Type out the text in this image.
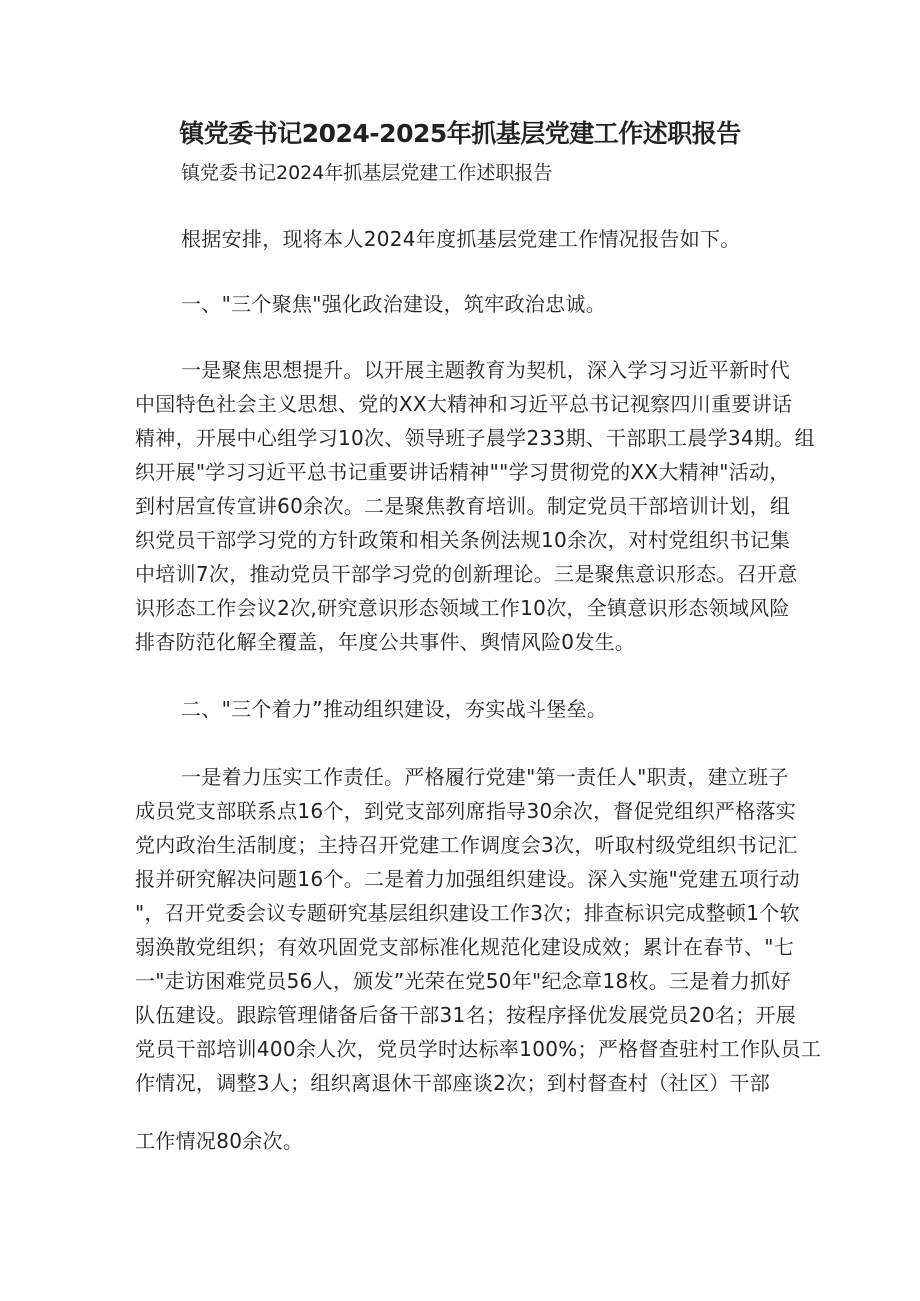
镇党委书记2024-2025年抓基层党建工作述职报告
镇党委书记2024年抓基层党建工作述职报告
根据安排，现将本人2024年度抓基层党建工作情况报告如下。
一、"三个聚焦"强化政治建设，筑牢政治忠诚。
一是聚焦思想提升。以开展主题教育为契机，深入学习习近平新时代
中国特色社会主义思想、党的XX大精神和习近平总书记视察四川重要讲话
精神，开展中心组学习10次、领导班子晨学233期、干部职工晨学34期。组
织开展"学习习近平总书记重要讲话精神""学习贯彻党的XX大精神"活动，
到村居宣传宣讲60余次。二是聚焦教育培训。制定党员干部培训计划，组
织党员干部学习党的方针政策和相关条例法规10余次，对村党组织书记集
中培训7次，推动党员干部学习党的创新理论。三是聚焦意识形态。召开意
识形态工作会议2次,研究意识形态领域工作10次，全镇意识形态领域风险
排杳防范化解全覆盖，年度公共事件、舆情风险0发生。
二、"三个着力”推动组织建设，夯实战斗堡垒。
一是着力压实工作责任。严格履行党建"第一责任人"职责，建立班子
成员党支部联系点16个，到党支部列席指导30余次，督促党组织严格落实
党内政治生活制度；主持召开党建工作调度会3次，听取村级党组织书记汇
报并研究解决问题16个。二是着力加强组织建设。深入实施"党建五项行动
"，召开党委会议专题研究基层组织建设工作3次；排查标识完成整顿1个软
弱涣散党组织；有效巩固党支部标准化规范化建设成效；累计在春节、"七
一"走访困难党员56人，颁发”光荣在党50年"纪念章18枚。三是着力抓好
队伍建设。跟踪管理储备后备干部31名；按程序择优发展党员20名；开展
党员干部培训400余人次，党员学时达标率100%；严格督查驻村工作队员工
作情况，调整3人；组织离退休干部座谈2次；到村督查村（社区）干部
工作情况80余次。
